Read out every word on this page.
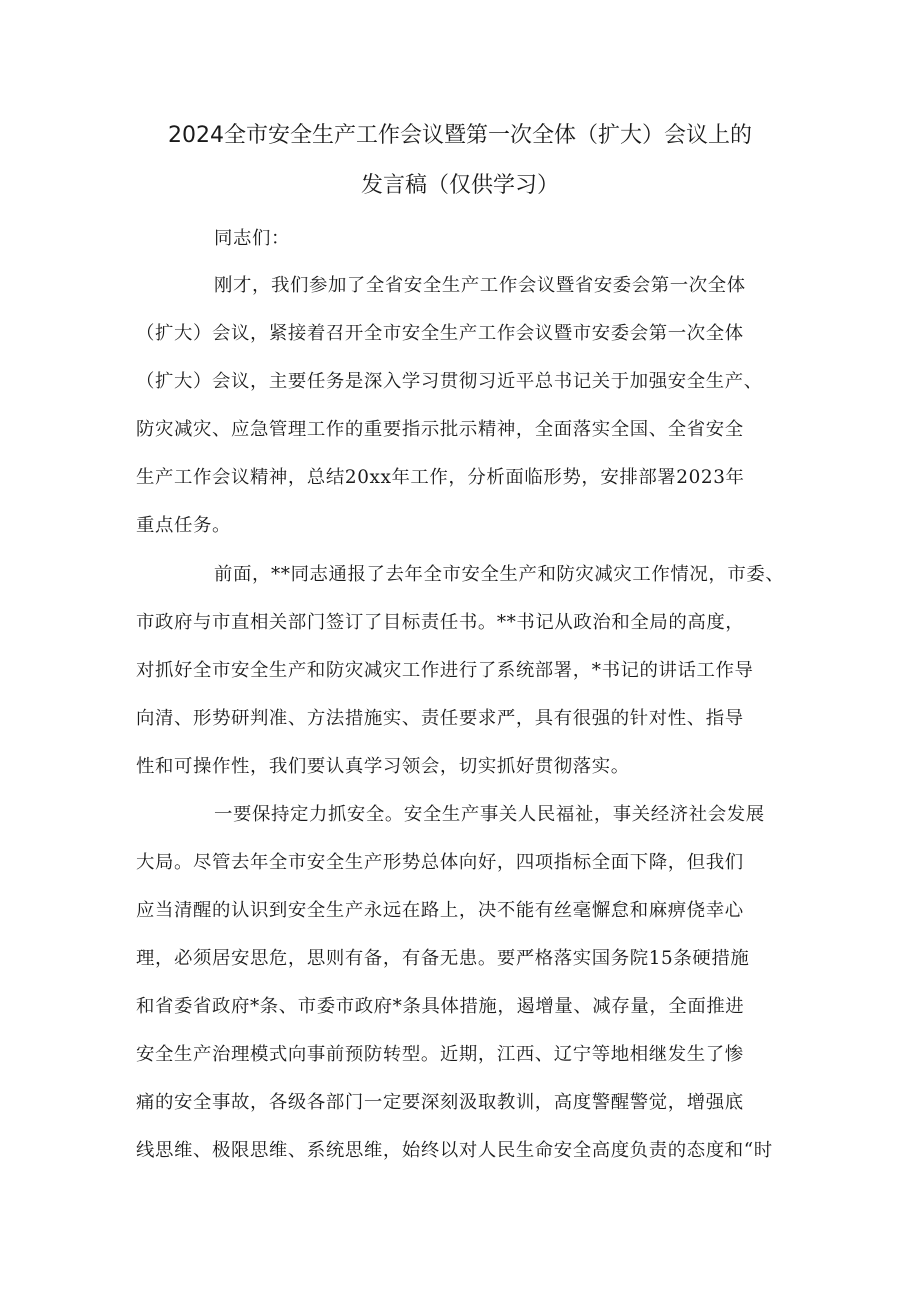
2024全市安全生产工作会议暨第一次全体（扩大）会议上的
发言稿（仅供学习）

同志们：

刚才，我们参加了全省安全生产工作会议暨省安委会第一次全体

（扩大）会议，紧接着召开全市安全生产工作会议暨市安委会第一次全体

（扩大）会议，主要任务是深入学习贯彻习近平总书记关于加强安全生产、

防灾减灾、应急管理工作的重要指示批示精神，全面落实全国、全省安全

生产工作会议精神，总结20xx年工作，分析面临形势，安排部署2023年

重点任务。

前面，**同志通报了去年全市安全生产和防灾减灾工作情况，市委、

市政府与市直相关部门签订了目标责任书。**书记从政治和全局的高度，

对抓好全市安全生产和防灾减灾工作进行了系统部署，*书记的讲话工作导

向清、形势研判准、方法措施实、责任要求严，具有很强的针对性、指导

性和可操作性，我们要认真学习领会，切实抓好贯彻落实。

一要保持定力抓安全。安全生产事关人民福祉，事关经济社会发展

大局。尽管去年全市安全生产形势总体向好，四项指标全面下降，但我们

应当清醒的认识到安全生产永远在路上，决不能有丝毫懈怠和麻痹侥幸心

理，必须居安思危，思则有备，有备无患。要严格落实国务院15条硬措施

和省委省政府*条、市委市政府*条具体措施，遏增量、减存量，全面推进

安全生产治理模式向事前预防转型。近期，江西、辽宁等地相继发生了惨

痛的安全事故，各级各部门一定要深刻汲取教训，高度警醒警觉，增强底

线思维、极限思维、系统思维，始终以对人民生命安全高度负责的态度和“时
